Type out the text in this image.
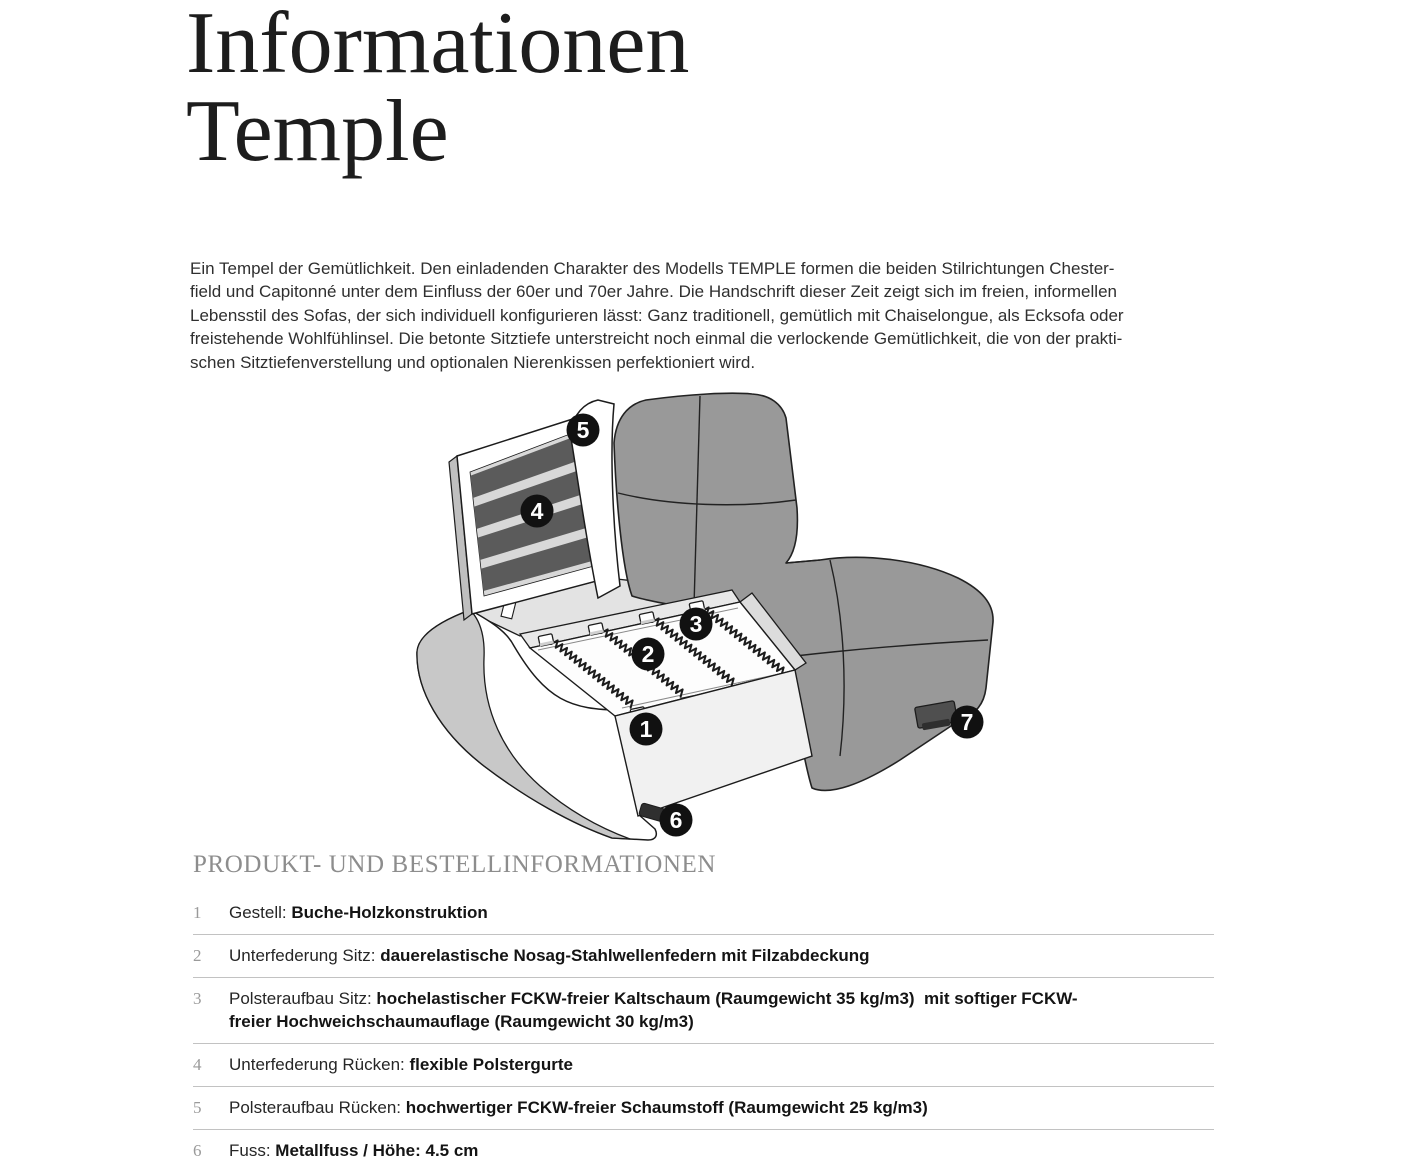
Informationen
Temple
Ein Tempel der Gemütlichkeit. Den einladenden Charakter des Modells TEMPLE formen die beiden Stilrichtungen Chester-
field und Capitonné unter dem Einfluss der 60er und 70er Jahre. Die Handschrift dieser Zeit zeigt sich im freien, informellen
Lebensstil des Sofas, der sich individuell konfigurieren lässt: Ganz traditionell, gemütlich mit Chaiselongue, als Ecksofa oder
freistehende Wohlfühlinsel. Die betonte Sitztiefe unterstreicht noch einmal die verlockende Gemütlichkeit, die von der prakti-
schen Sitztiefenverstellung und optionalen Nierenkissen perfektioniert wird.
1
2
3
4
5
6
7
PRODUKT- UND BESTELLINFORMATIONEN
1	Gestell: Buche-Holzkonstruktion
2	Unterfederung Sitz: dauerelastische Nosag-Stahlwellenfedern mit Filzabdeckung
3	Polsteraufbau Sitz: hochelastischer FCKW-freier Kaltschaum (Raumgewicht 35 kg/m3)  mit softiger FCKW-
freier Hochweichschaumauflage (Raumgewicht 30 kg/m3)
4	Unterfederung Rücken: flexible Polstergurte
5	Polsteraufbau Rücken: hochwertiger FCKW-freier Schaumstoff (Raumgewicht 25 kg/m3)
6	Fuss: Metallfuss / Höhe: 4.5 cm
